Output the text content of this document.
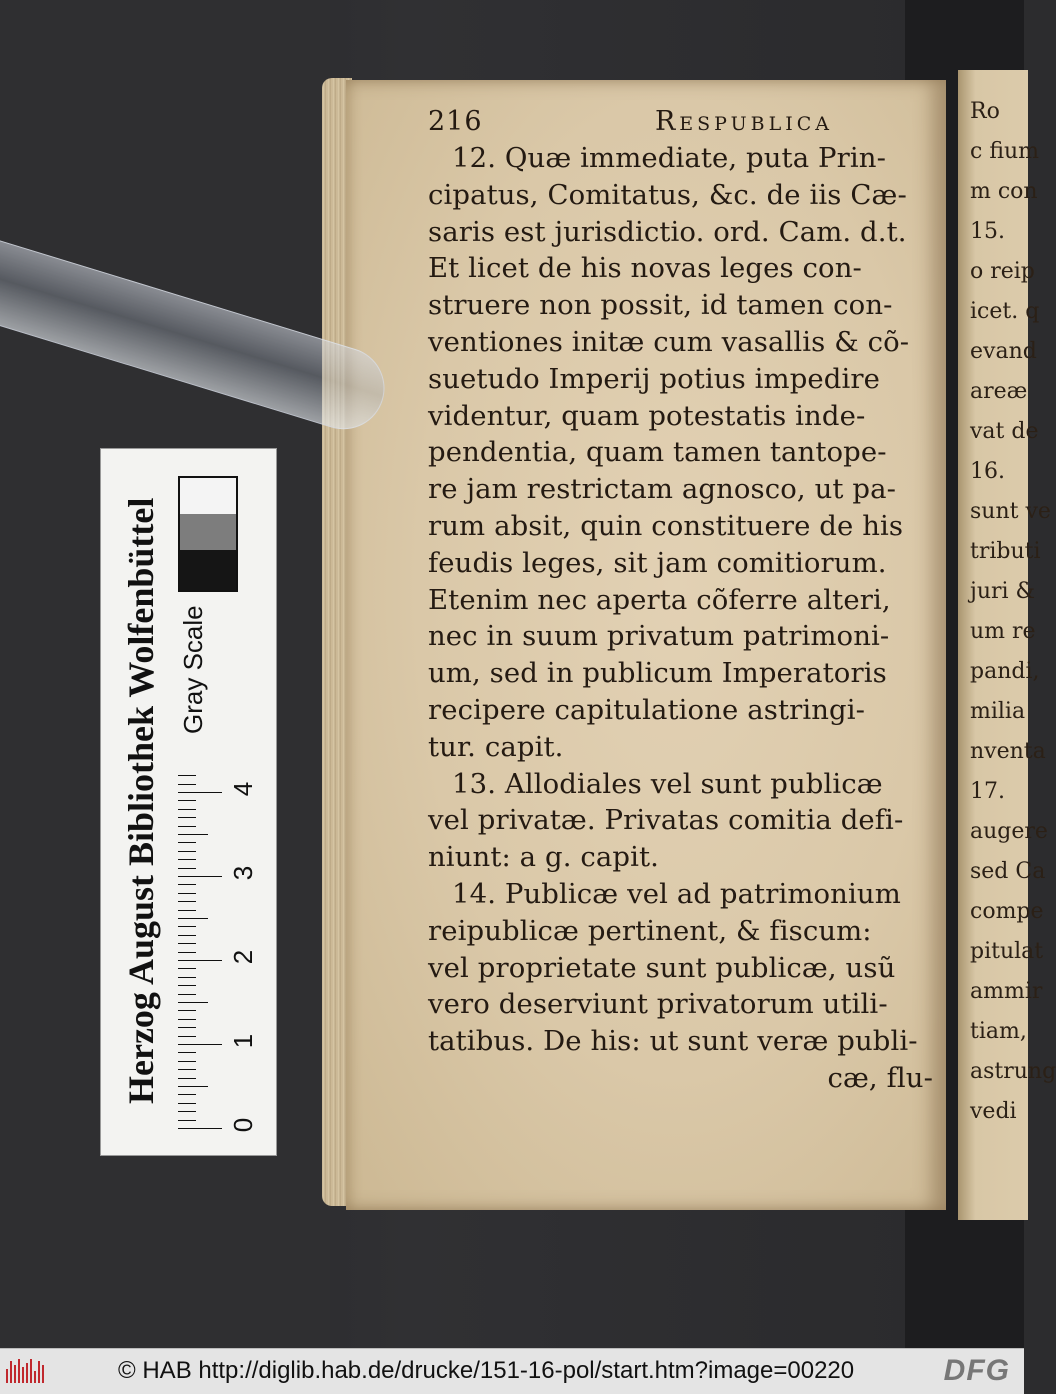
Ro
c fium
m con
15.
o reip
icet. q
evand
areæ
vat de
16.
sunt ve
tributi
juri &
um re
pandi,
milia
nventa
17.
augere
sed Ca
compe
pitulat
ammir
tiam,
astrung
vedi
216	Respublica
12. Quæ immediate, puta Prin-
cipatus, Comitatus, &c. de iis Cæ-
saris est jurisdictio. ord. Cam. d.t.
Et licet de his novas leges con-
struere non possit, id tamen con-
ventiones initæ cum vasallis & cõ-
suetudo Imperij potius impedire
videntur, quam potestatis inde-
pendentia, quam tamen tantope-
re jam restrictam agnosco, ut pa-
rum absit, quin constituere de his
feudis leges, sit jam comitiorum.
Etenim nec aperta cõferre alteri,
nec in suum privatum patrimoni-
um, sed in publicum Imperatoris
recipere capitulatione astringi-
tur. capit.
13. Allodiales vel sunt publicæ
vel privatæ. Privatas comitia defi-
niunt: a g. capit.
14. Publicæ vel ad patrimonium
reipublicæ pertinent, & fiscum:
vel proprietate sunt publicæ, usũ
vero deserviunt privatorum utili-
tatibus. De his: ut sunt veræ publi-
cæ, flu-
Herzog August Bibliothek Wolfenbüttel Gray Scale
0
1
2
3
4
© HAB http://diglib.hab.de/drucke/151-16-pol/start.htm?image=00220	DFG
